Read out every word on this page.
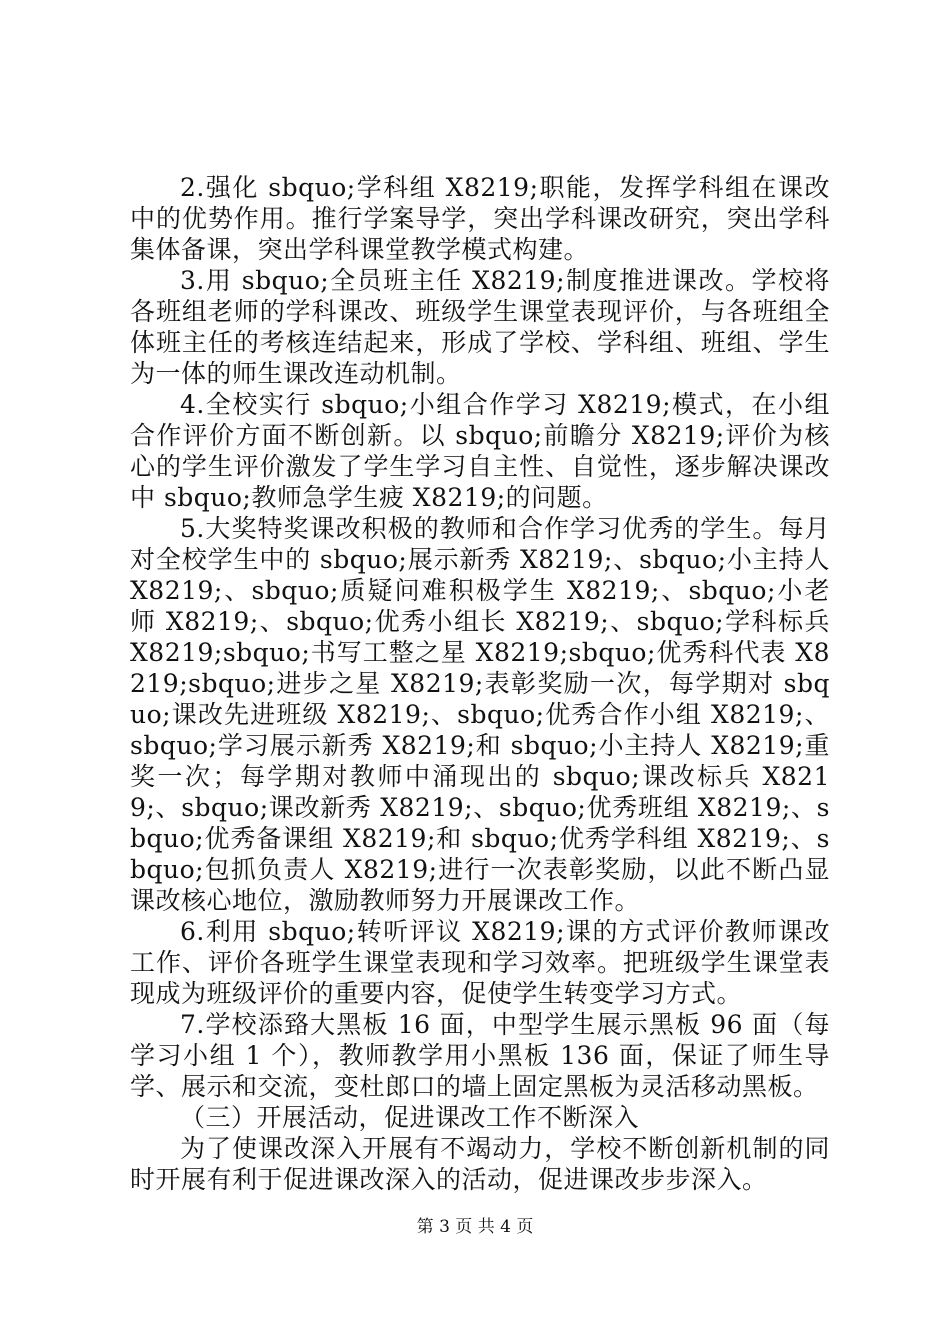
2.强化 sbquo;学科组 X8219;职能，发挥学科组在课改中的优势作用。推行学案导学，突出学科课改研究，突出学科集体备课，突出学科课堂教学模式构建。

3.用 sbquo;全员班主任 X8219;制度推进课改。学校将各班组老师的学科课改、班级学生课堂表现评价，与各班组全体班主任的考核连结起来，形成了学校、学科组、班组、学生为一体的师生课改连动机制。

4.全校实行 sbquo;小组合作学习 X8219;模式，在小组合作评价方面不断创新。以 sbquo;前瞻分 X8219;评价为核心的学生评价激发了学生学习自主性、自觉性，逐步解决课改中 sbquo;教师急学生疲 X8219;的问题。

5.大奖特奖课改积极的教师和合作学习优秀的学生。每月对全校学生中的 sbquo;展示新秀 X8219;、sbquo;小主持人 X8219;、sbquo;质疑问难积极学生 X8219;、sbquo;小老师 X8219;、sbquo;优秀小组长 X8219;、sbquo;学科标兵 X8219;sbquo;书写工整之星 X8219;sbquo;优秀科代表 X8219;sbquo;进步之星 X8219;表彰奖励一次，每学期对 sbquo;课改先进班级 X8219;、sbquo;优秀合作小组 X8219;、sbquo;学习展示新秀 X8219;和 sbquo;小主持人 X8219;重奖一次；每学期对教师中涌现出的 sbquo;课改标兵 X8219;、sbquo;课改新秀 X8219;、sbquo;优秀班组 X8219;、sbquo;优秀备课组 X8219;和 sbquo;优秀学科组 X8219;、sbquo;包抓负责人 X8219;进行一次表彰奖励，以此不断凸显课改核心地位，激励教师努力开展课改工作。

6.利用 sbquo;转听评议 X8219;课的方式评价教师课改工作、评价各班学生课堂表现和学习效率。把班级学生课堂表现成为班级评价的重要内容，促使学生转变学习方式。

7.学校添臵大黑板 16 面，中型学生展示黑板 96 面（每学习小组 1 个），教师教学用小黑板 136 面，保证了师生导学、展示和交流，变杜郎口的墙上固定黑板为灵活移动黑板。

（三）开展活动，促进课改工作不断深入

为了使课改深入开展有不竭动力，学校不断创新机制的同时开展有利于促进课改深入的活动，促进课改步步深入。

第 3 页 共 4 页
